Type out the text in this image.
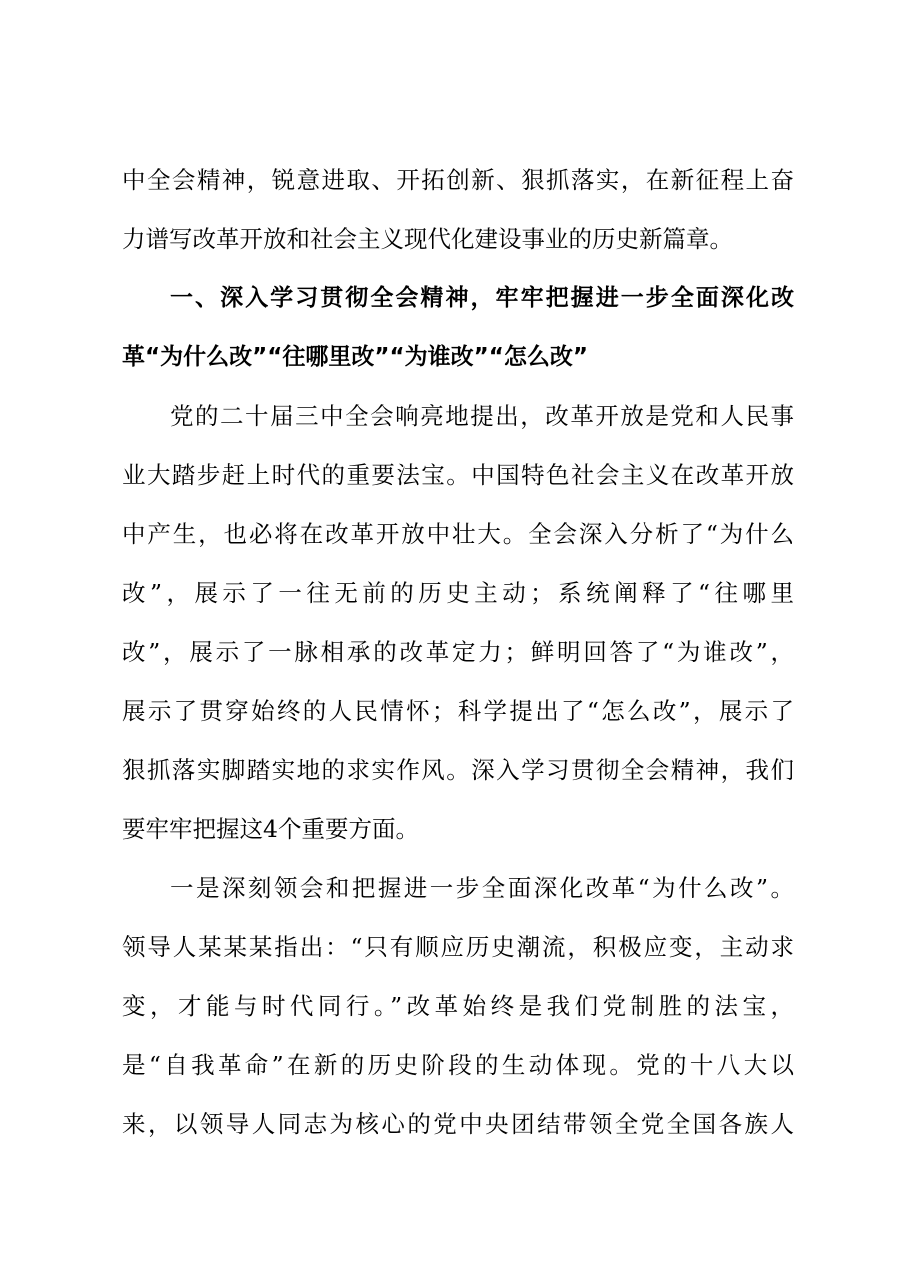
中全会精神，锐意进取、开拓创新、狠抓落实，在新征程上奋
力谱写改革开放和社会主义现代化建设事业的历史新篇章。
一、深入学习贯彻全会精神，牢牢把握进一步全面深化改
革“为什么改”“往哪里改”“为谁改”“怎么改”
党的二十届三中全会响亮地提出，改革开放是党和人民事
业大踏步赶上时代的重要法宝。中国特色社会主义在改革开放
中产生，也必将在改革开放中壮大。全会深入分析了“为什么
改”，展示了一往无前的历史主动；系统阐释了“往哪里
改”，展示了一脉相承的改革定力；鲜明回答了“为谁改”，
展示了贯穿始终的人民情怀；科学提出了“怎么改”，展示了
狠抓落实脚踏实地的求实作风。深入学习贯彻全会精神，我们
要牢牢把握这4个重要方面。
一是深刻领会和把握进一步全面深化改革“为什么改”。
领导人某某某指出：“只有顺应历史潮流，积极应变，主动求
变，才能与时代同行。”改革始终是我们党制胜的法宝，
是“自我革命”在新的历史阶段的生动体现。党的十八大以
来，以领导人同志为核心的党中央团结带领全党全国各族人
